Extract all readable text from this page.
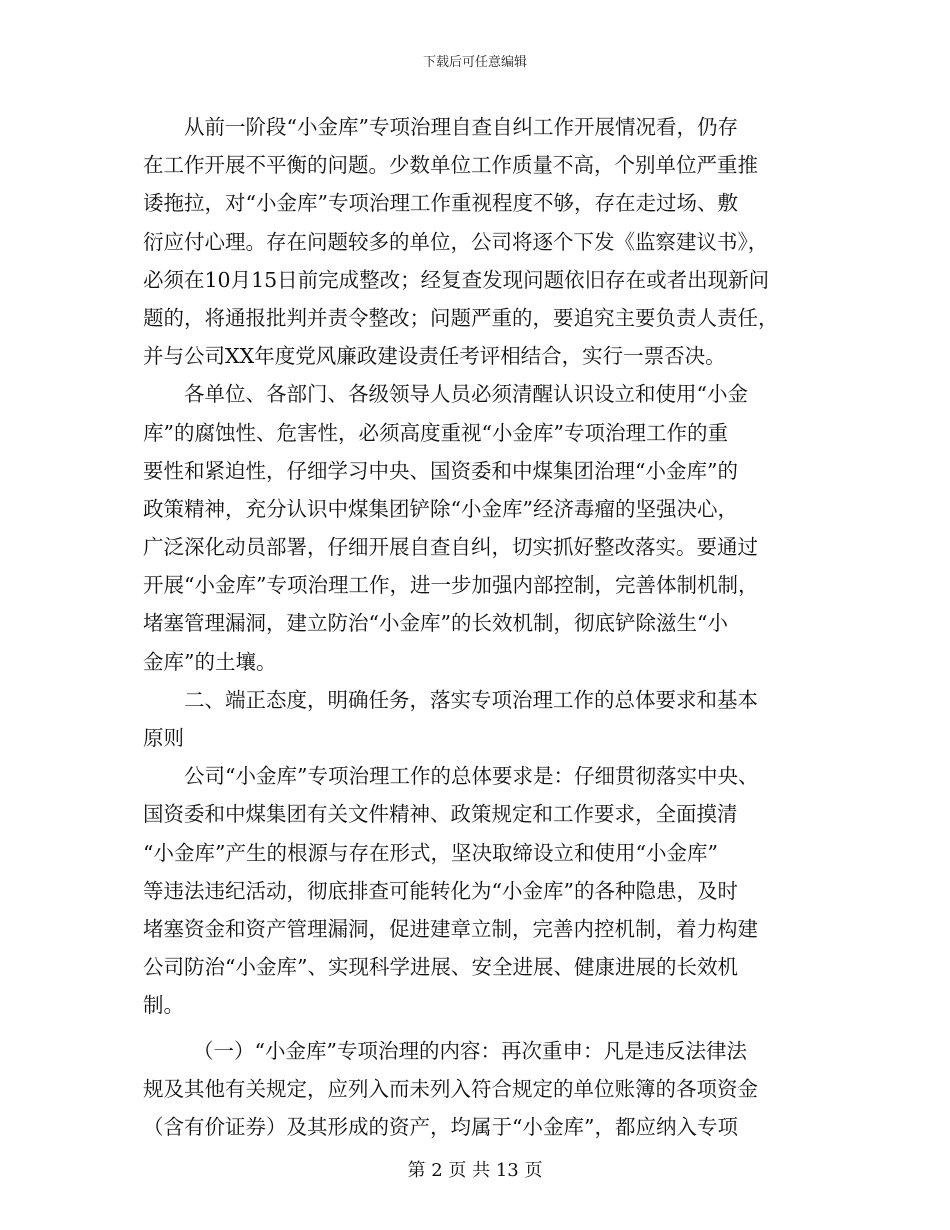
下载后可任意编辑
从前一阶段“小金库”专项治理自查自纠工作开展情况看，仍存
在工作开展不平衡的问题。少数单位工作质量不高，个别单位严重推
诿拖拉，对“小金库”专项治理工作重视程度不够，存在走过场、敷
衍应付心理。存在问题较多的单位，公司将逐个下发《监察建议书》，
必须在10月15日前完成整改；经复查发现问题依旧存在或者出现新问
题的，将通报批判并责令整改；问题严重的，要追究主要负责人责任，
并与公司XX年度党风廉政建设责任考评相结合，实行一票否决。
各单位、各部门、各级领导人员必须清醒认识设立和使用“小金
库”的腐蚀性、危害性，必须高度重视“小金库”专项治理工作的重
要性和紧迫性，仔细学习中央、国资委和中煤集团治理“小金库”的
政策精神，充分认识中煤集团铲除“小金库”经济毒瘤的坚强决心，
广泛深化动员部署，仔细开展自查自纠，切实抓好整改落实。要通过
开展“小金库”专项治理工作，进一步加强内部控制，完善体制机制，
堵塞管理漏洞，建立防治“小金库”的长效机制，彻底铲除滋生“小
金库”的土壤。
二、端正态度，明确任务，落实专项治理工作的总体要求和基本
原则
公司“小金库”专项治理工作的总体要求是：仔细贯彻落实中央、
国资委和中煤集团有关文件精神、政策规定和工作要求，全面摸清
“小金库”产生的根源与存在形式，坚决取缔设立和使用“小金库”
等违法违纪活动，彻底排查可能转化为“小金库”的各种隐患，及时
堵塞资金和资产管理漏洞，促进建章立制，完善内控机制，着力构建
公司防治“小金库”、实现科学进展、安全进展、健康进展的长效机
制。
（一）“小金库”专项治理的内容：再次重申：凡是违反法律法
规及其他有关规定，应列入而未列入符合规定的单位账簿的各项资金
（含有价证券）及其形成的资产，均属于“小金库”，都应纳入专项
第 2 页 共 13 页
